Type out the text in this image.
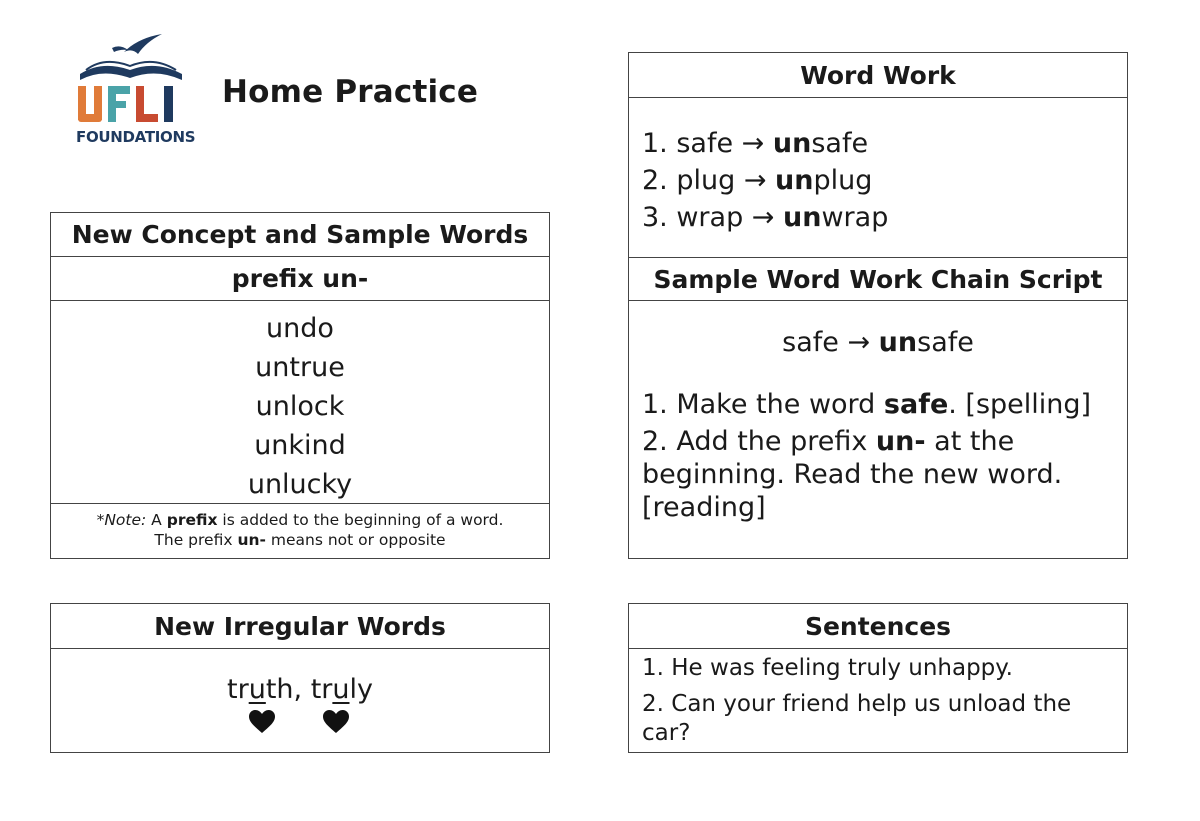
FOUNDATIONS
Home Practice
New Concept and Sample Words
prefix un-
undo
untrue
unlock
unkind
unlucky
*Note: A prefix is added to the beginning of a word.
The prefix un- means not or opposite
New Irregular Words
truth, truly
Word Work
1. safe → unsafe
2. plug → unplug
3. wrap → unwrap
Sample Word Work Chain Script
safe → unsafe
1. Make the word safe. [spelling]
2. Add the prefix un- at the beginning. Read the new word. [reading]
Sentences
1. He was feeling truly unhappy.
2. Can your friend help us unload the car?
